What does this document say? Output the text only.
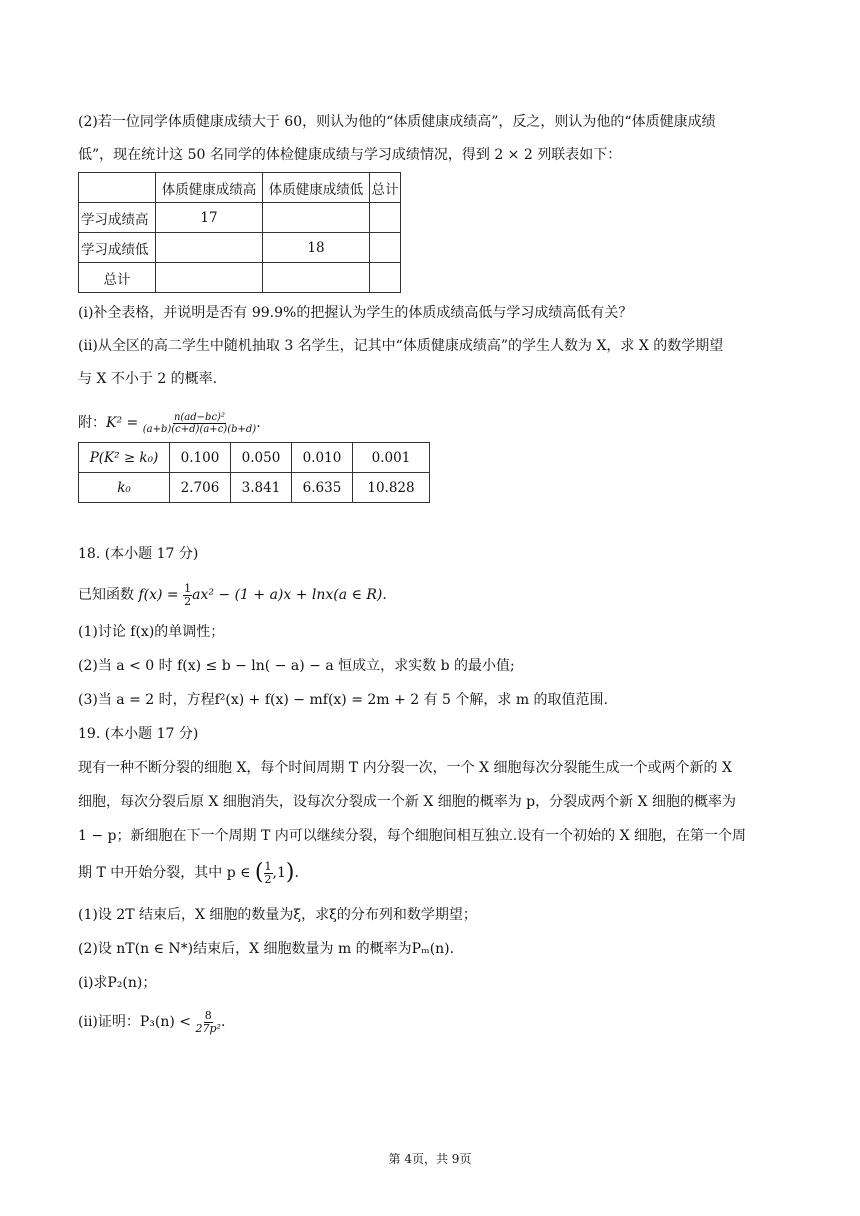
(2)若一位同学体质健康成绩大于 60，则认为他的“体质健康成绩高”，反之，则认为他的“体质健康成绩
低”，现在统计这 50 名同学的体检健康成绩与学习成绩情况，得到 2 × 2 列联表如下：
	体质健康成绩高	体质健康成绩低	总计
学习成绩高	17		
学习成绩低		18	
总计			
(ⅰ)补全表格，并说明是否有 99.9%的把握认为学生的体质成绩高低与学习成绩高低有关？
(ⅱ)从全区的高二学生中随机抽取 3 名学生，记其中“体质健康成绩高”的学生人数为 X，求 X 的数学期望
与 X 不小于 2 的概率.
附：$K^2 = \frac{\text{n(ad−bc)²}}{(a+b)(c+d)(a+c)(b+d)}$ .
P(K² ≥ k₀)	0.100	0.050	0.010	0.001
k₀	2.706	3.841	6.635	10.828
18. (本小题 17 分)
已知函数 $f(x) = \frac{1}{2} ax^2 - (1 + a)x + \ln x(a$ ∈ R).
(1)讨论 f(x)的单调性；
(2)当 a < 0 时 f(x) ≤ b − ln( − a) − a 恒成立，求实数 b 的最小值;
(3)当 a = 2 时，方程f²(x) + f(x) − mf(x) = 2m + 2 有 5 个解，求 m 的取值范围.
19. (本小题 17 分)
现有一种不断分裂的细胞 X，每个时间周期 T 内分裂一次，一个 X 细胞每次分裂能生成一个或两个新的 X
细胞，每次分裂后原 X 细胞消失，设每次分裂成一个新 X 细胞的概率为 p，分裂成两个新 X 细胞的概率为
1 − p；新细胞在下一个周期 T 内可以继续分裂，每个细胞间相互独立.设有一个初始的 X 细胞，在第一个周
期 T 中开始分裂，其中 p ∈ ( $\frac{1}{2} ,1$).
(1)设 2T 结束后，X 细胞的数量为ξ，求ξ的分布列和数学期望；
(2)设 nT(n ∈ N*)结束后，X 细胞数量为 m 的概率为Pₘ(n).
(i)求P₂(n)；
(ii)证明：$P_3(n) < \frac{8}{\text{27p²}}$ .
第 4页，共 9页
